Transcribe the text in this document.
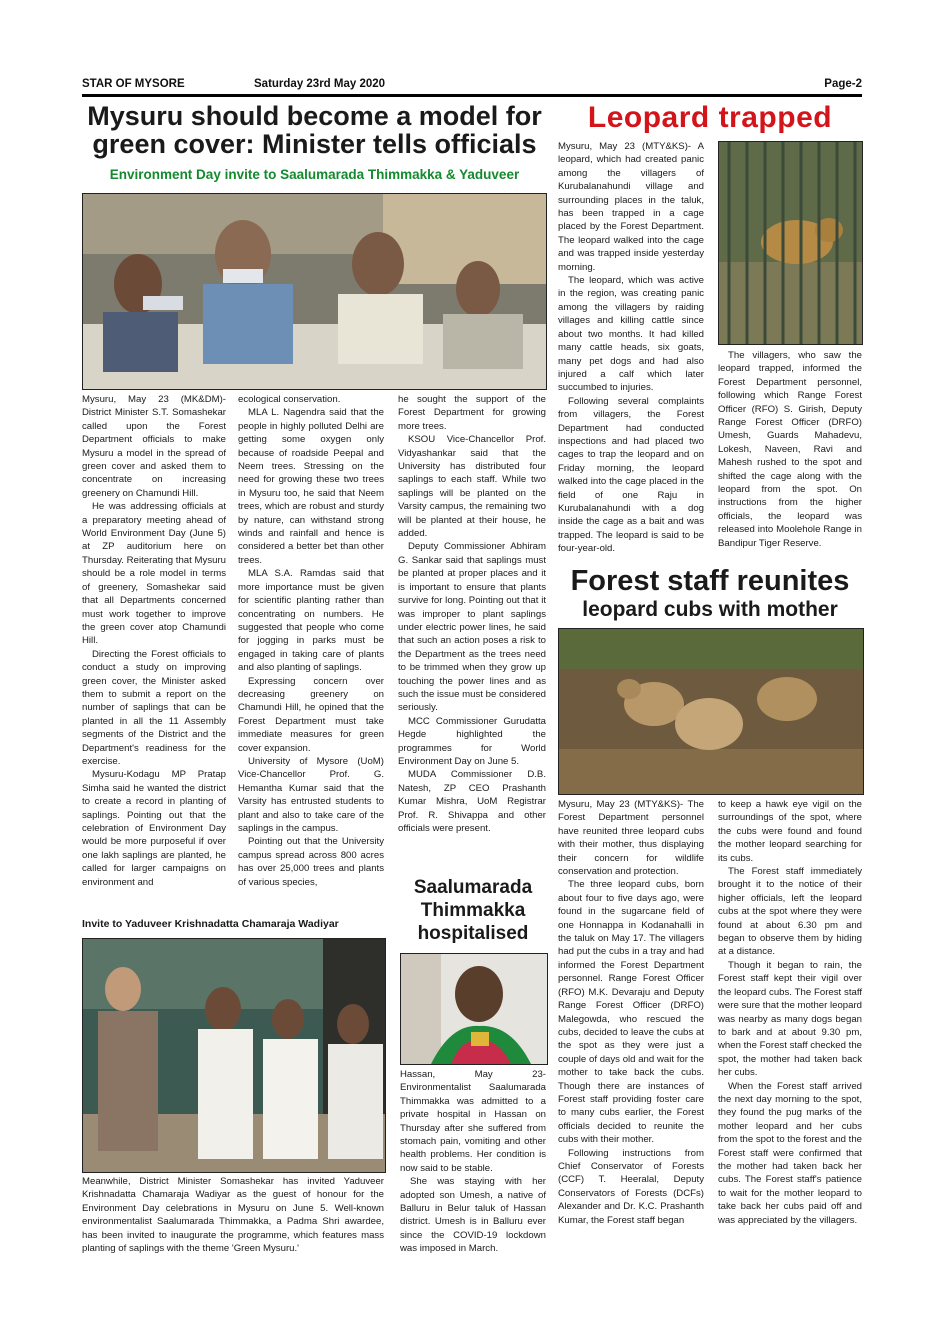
STAR OF MYSORE	Saturday 23rd May 2020	Page-2
Mysuru should become a model for green cover: Minister tells officials
Environment Day invite to Saalumarada Thimmakka & Yaduveer

Mysuru, May 23 (MK&DM)- District Minister S.T. Somashekar called upon the Forest Department officials to make Mysuru a model in the spread of green cover and asked them to concentrate on increasing greenery on Chamundi Hill.

He was addressing officials at a preparatory meeting ahead of World Environment Day (June 5) at ZP auditorium here on Thursday. Reiterating that Mysuru should be a role model in terms of greenery, Somashekar said that all Departments concerned must work together to improve the green cover atop Chamundi Hill.

Directing the Forest officials to conduct a study on improving green cover, the Minister asked them to submit a report on the number of saplings that can be planted in all the 11 Assembly segments of the District and the Department's readiness for the exercise.

Mysuru-Kodagu MP Pratap Simha said he wanted the district to create a record in planting of saplings. Pointing out that the celebration of Environment Day would be more purposeful if over one lakh saplings are planted, he called for larger campaigns on environment and

ecological conservation.

MLA L. Nagendra said that the people in highly polluted Delhi are getting some oxygen only because of roadside Peepal and Neem trees. Stressing on the need for growing these two trees in Mysuru too, he said that Neem trees, which are robust and sturdy by nature, can withstand strong winds and rainfall and hence is considered a better bet than other trees.

MLA S.A. Ramdas said that more importance must be given for scientific planting rather than concentrating on numbers. He suggested that people who come for jogging in parks must be engaged in taking care of plants and also planting of saplings.

Expressing concern over decreasing greenery on Chamundi Hill, he opined that the Forest Department must take immediate measures for green cover expansion.

University of Mysore (UoM) Vice-Chancellor Prof. G. Hemantha Kumar said that the Varsity has entrusted students to plant and also to take care of the saplings in the campus.

Pointing out that the University campus spread across 800 acres has over 25,000 trees and plants of various species,

he sought the support of the Forest Department for growing more trees.

KSOU Vice-Chancellor Prof. Vidyashankar said that the University has distributed four saplings to each staff. While two saplings will be planted on the Varsity campus, the remaining two will be planted at their house, he added.

Deputy Commissioner Abhiram G. Sankar said that saplings must be planted at proper places and it is important to ensure that plants survive for long. Pointing out that it was improper to plant saplings under electric power lines, he said that such an action poses a risk to the Department as the trees need to be trimmed when they grow up touching the power lines and as such the issue must be considered seriously.

MCC Commissioner Gurudatta Hegde highlighted the programmes for World Environment Day on June 5.

MUDA Commissioner D.B. Natesh, ZP CEO Prashanth Kumar Mishra, UoM Registrar Prof. R. Shivappa and other officials were present.

Invite to Yaduveer Krishnadatta Chamaraja Wadiyar

Meanwhile, District Minister Somashekar has invited Yaduveer Krishnadatta Chamaraja Wadiyar as the guest of honour for the Environment Day celebrations in Mysuru on June 5. Well-known environmentalist Saalumarada Thimmakka, a Padma Shri awardee, has been invited to inaugurate the programme, which features mass planting of saplings with the theme 'Green Mysuru.'

Saalumarada Thimmakka hospitalised

Hassan, May 23- Environmentalist Saalumarada Thimmakka was admitted to a private hospital in Hassan on Thursday after she suffered from stomach pain, vomiting and other health problems. Her condition is now said to be stable.

She was staying with her adopted son Umesh, a native of Balluru in Belur taluk of Hassan district. Umesh is in Balluru ever since the COVID-19 lockdown was imposed in March.

Leopard trapped

Mysuru, May 23 (MTY&KS)- A leopard, which had created panic among the villagers of Kurubalanahundi village and surrounding places in the taluk, has been trapped in a cage placed by the Forest Department. The leopard walked into the cage and was trapped inside yesterday morning.

The leopard, which was active in the region, was creating panic among the villagers by raiding villages and killing cattle since about two months. It had killed many cattle heads, six goats, many pet dogs and had also injured a calf which later succumbed to injuries.

Following several complaints from villagers, the Forest Department had conducted inspections and had placed two cages to trap the leopard and on Friday morning, the leopard walked into the cage placed in the field of one Raju in Kurubalanahundi with a dog inside the cage as a bait and was trapped. The leopard is said to be four-year-old.

The villagers, who saw the leopard trapped, informed the Forest Department personnel, following which Range Forest Officer (RFO) S. Girish, Deputy Range Forest Officer (DRFO) Umesh, Guards Mahadevu, Lokesh, Naveen, Ravi and Mahesh rushed to the spot and shifted the cage along with the leopard from the spot. On instructions from the higher officials, the leopard was released into Moolehole Range in Bandipur Tiger Reserve.

Forest staff reunites
leopard cubs with mother

Mysuru, May 23 (MTY&KS)- The Forest Department personnel have reunited three leopard cubs with their mother, thus displaying their concern for wildlife conservation and protection.

The three leopard cubs, born about four to five days ago, were found in the sugarcane field of one Honnappa in Kodanahalli in the taluk on May 17. The villagers had put the cubs in a tray and had informed the Forest Department personnel. Range Forest Officer (RFO) M.K. Devaraju and Deputy Range Forest Officer (DRFO) Malegowda, who rescued the cubs, decided to leave the cubs at the spot as they were just a couple of days old and wait for the mother to take back the cubs. Though there are instances of Forest staff providing foster care to many cubs earlier, the Forest officials decided to reunite the cubs with their mother.

Following instructions from Chief Conservator of Forests (CCF) T. Heeralal, Deputy Conservators of Forests (DCFs) Alexander and Dr. K.C. Prashanth Kumar, the Forest staff began

to keep a hawk eye vigil on the surroundings of the spot, where the cubs were found and found the mother leopard searching for its cubs.

The Forest staff immediately brought it to the notice of their higher officials, left the leopard cubs at the spot where they were found at about 6.30 pm and began to observe them by hiding at a distance.

Though it began to rain, the Forest staff kept their vigil over the leopard cubs. The Forest staff were sure that the mother leopard was nearby as many dogs began to bark and at about 9.30 pm, when the Forest staff checked the spot, the mother had taken back her cubs.

When the Forest staff arrived the next day morning to the spot, they found the pug marks of the mother leopard and her cubs from the spot to the forest and the Forest staff were confirmed that the mother had taken back her cubs. The Forest staff's patience to wait for the mother leopard to take back her cubs paid off and was appreciated by the villagers.
